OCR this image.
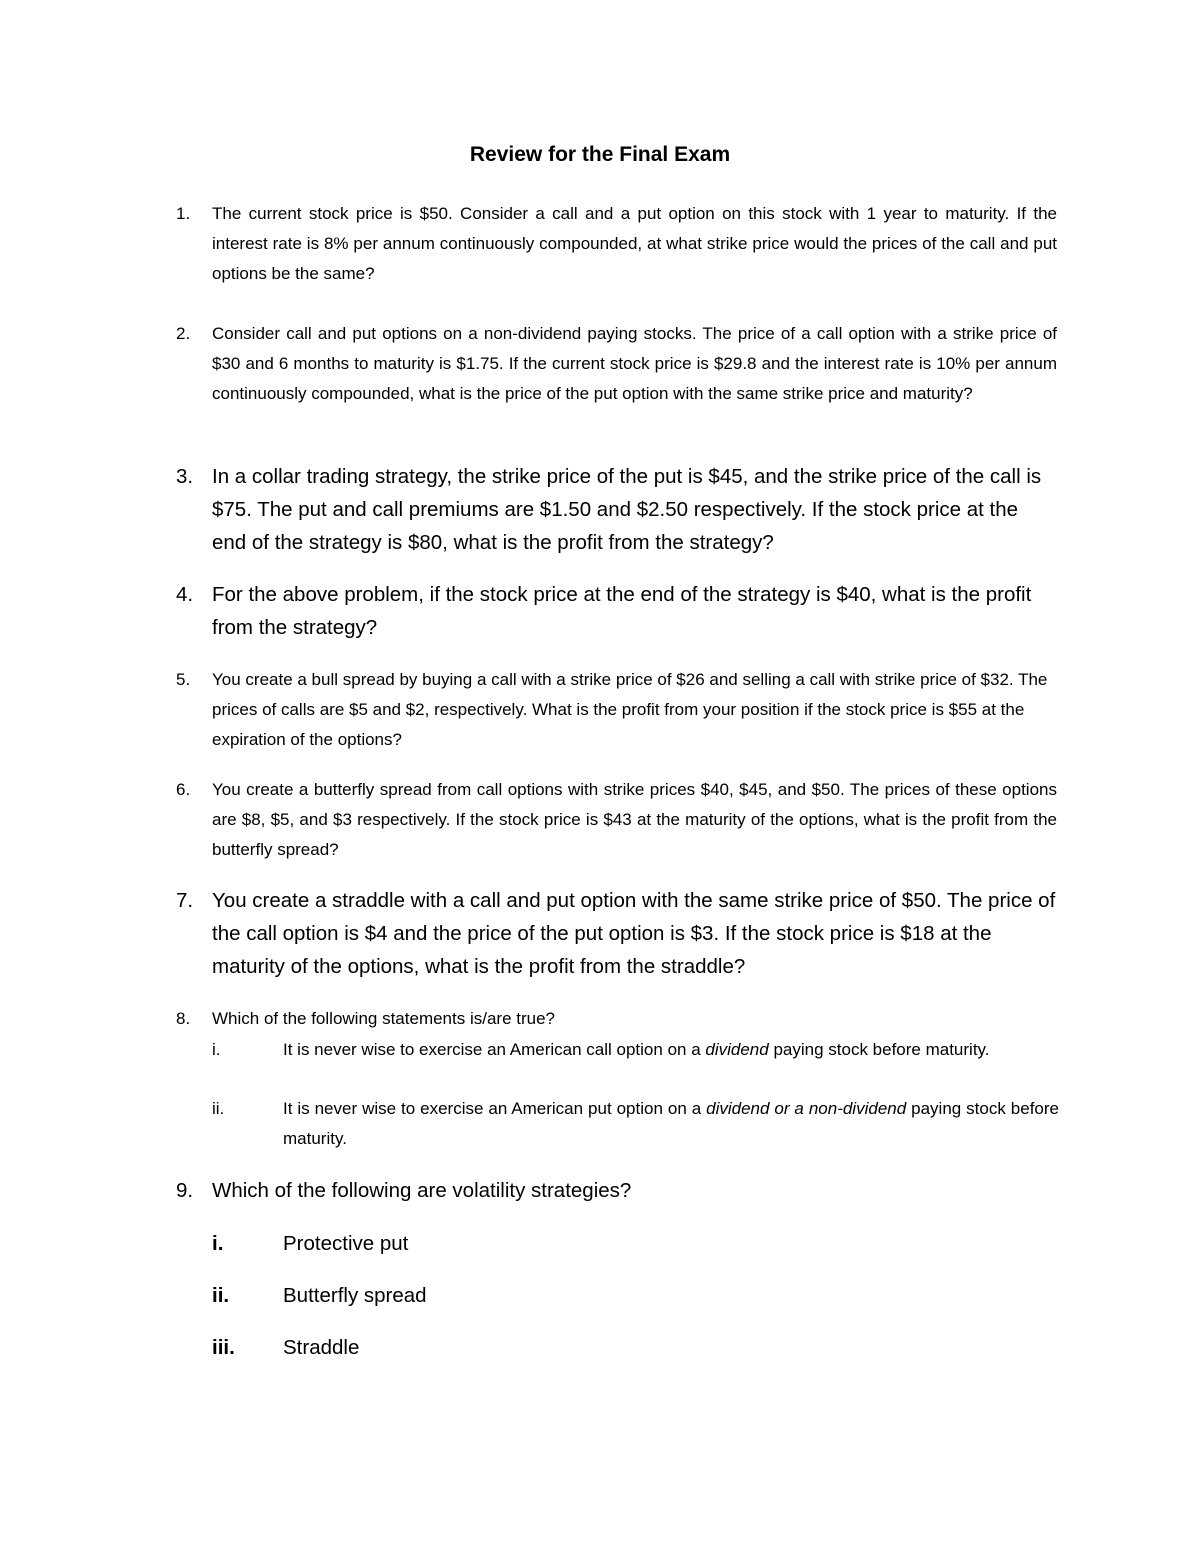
Review for the Final Exam
1.	The current stock price is $50. Consider a call and a put option on this stock with 1 year to maturity. If the interest rate is 8% per annum continuously compounded, at what strike price would the prices of the call and put options be the same?
2.	Consider call and put options on a non-dividend paying stocks. The price of a call option with a strike price of $30 and 6 months to maturity is $1.75. If the current stock price is $29.8 and the interest rate is 10% per annum continuously compounded, what is the price of the put option with the same strike price and maturity?
3. In a collar trading strategy, the strike price of the put is $45, and the strike price of the call is $75. The put and call premiums are $1.50 and $2.50 respectively. If the stock price at the end of the strategy is $80, what is the profit from the strategy?
4. For the above problem, if the stock price at the end of the strategy is $40, what is the profit from the strategy?
5.	You create a bull spread by buying a call with a strike price of $26 and selling a call with strike price of $32. The prices of calls are $5 and $2, respectively. What is the profit from your position if the stock price is $55 at the expiration of the options?
6.	You create a butterfly spread from call options with strike prices $40, $45, and $50. The prices of these options are $8, $5, and $3 respectively. If the stock price is $43 at the maturity of the options, what is the profit from the butterfly spread?
7. You create a straddle with a call and put option with the same strike price of $50. The price of the call option is $4 and the price of the put option is $3. If the stock price is $18 at the maturity of the options, what is the profit from the straddle?
8.	Which of the following statements is/are true?
i.	It is never wise to exercise an American call option on a dividend paying stock before maturity.
ii.	It is never wise to exercise an American put option on a dividend or a non-dividend paying stock before maturity.
9. Which of the following are volatility strategies?
i.	Protective put
ii.	Butterfly spread
iii.	Straddle
